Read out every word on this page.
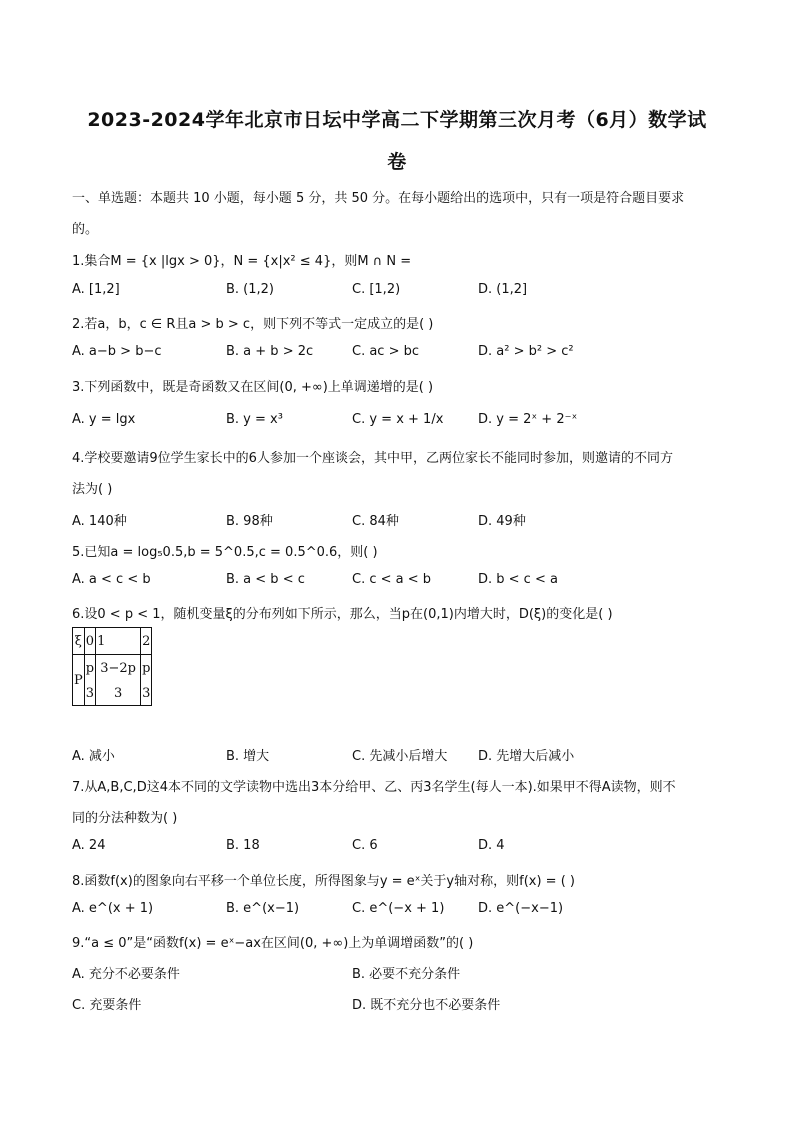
2023-2024学年北京市日坛中学高二下学期第三次月考（6月）数学试
卷
一、单选题：本题共 10 小题，每小题 5 分，共 50 分。在每小题给出的选项中，只有一项是符合题目要求
的。
1.集合M = {x |lgx > 0}，N = {x|x² ≤ 4}，则M ∩ N =
A. [1,2]	B. (1,2)	C. [1,2)	D. (1,2]
2.若a，b，c ∈ R且a > b > c，则下列不等式一定成立的是( )
A. a−b > b−c	B. a + b > 2c	C. ac > bc	D. a² > b² > c²
3.下列函数中，既是奇函数又在区间(0, +∞)上单调递增的是( )
A. y = lgx	B. y = x³	C. y = x + 1/x	D. y = 2ˣ + 2⁻ˣ
4.学校要邀请9位学生家长中的6人参加一个座谈会，其中甲，乙两位家长不能同时参加，则邀请的不同方
法为( )
A. 140种	B. 98种	C. 84种	D. 49种
5.已知a = log₅0.5,b = 5^0.5,c = 0.5^0.6，则( )
A. a < c < b	B. a < b < c	C. c < a < b	D. b < c < a
6.设0 < p < 1，随机变量ξ的分布列如下所示，那么，当p在(0,1)内增大时，D(ξ)的变化是( )
ξ	0	1	2
P	p	3−2p	p
	3	3	3
A. 减小	B. 增大	C. 先减小后增大 D. 先增大后减小
7.从A,B,C,D这4本不同的文学读物中选出3本分给甲、乙、丙3名学生(每人一本).如果甲不得A读物，则不
同的分法种数为( )
A. 24	B. 18	C. 6	D. 4
8.函数f(x)的图象向右平移一个单位长度，所得图象与y = eˣ关于y轴对称，则f(x) = ( )
A. e^(x + 1)	B. e^(x−1)	C. e^(−x + 1)	D. e^(−x−1)
9.“a ≤ 0”是“函数f(x) = eˣ−ax在区间(0, +∞)上为单调增函数”的( )
A. 充分不必要条件	B. 必要不充分条件
C. 充要条件	D. 既不充分也不必要条件
